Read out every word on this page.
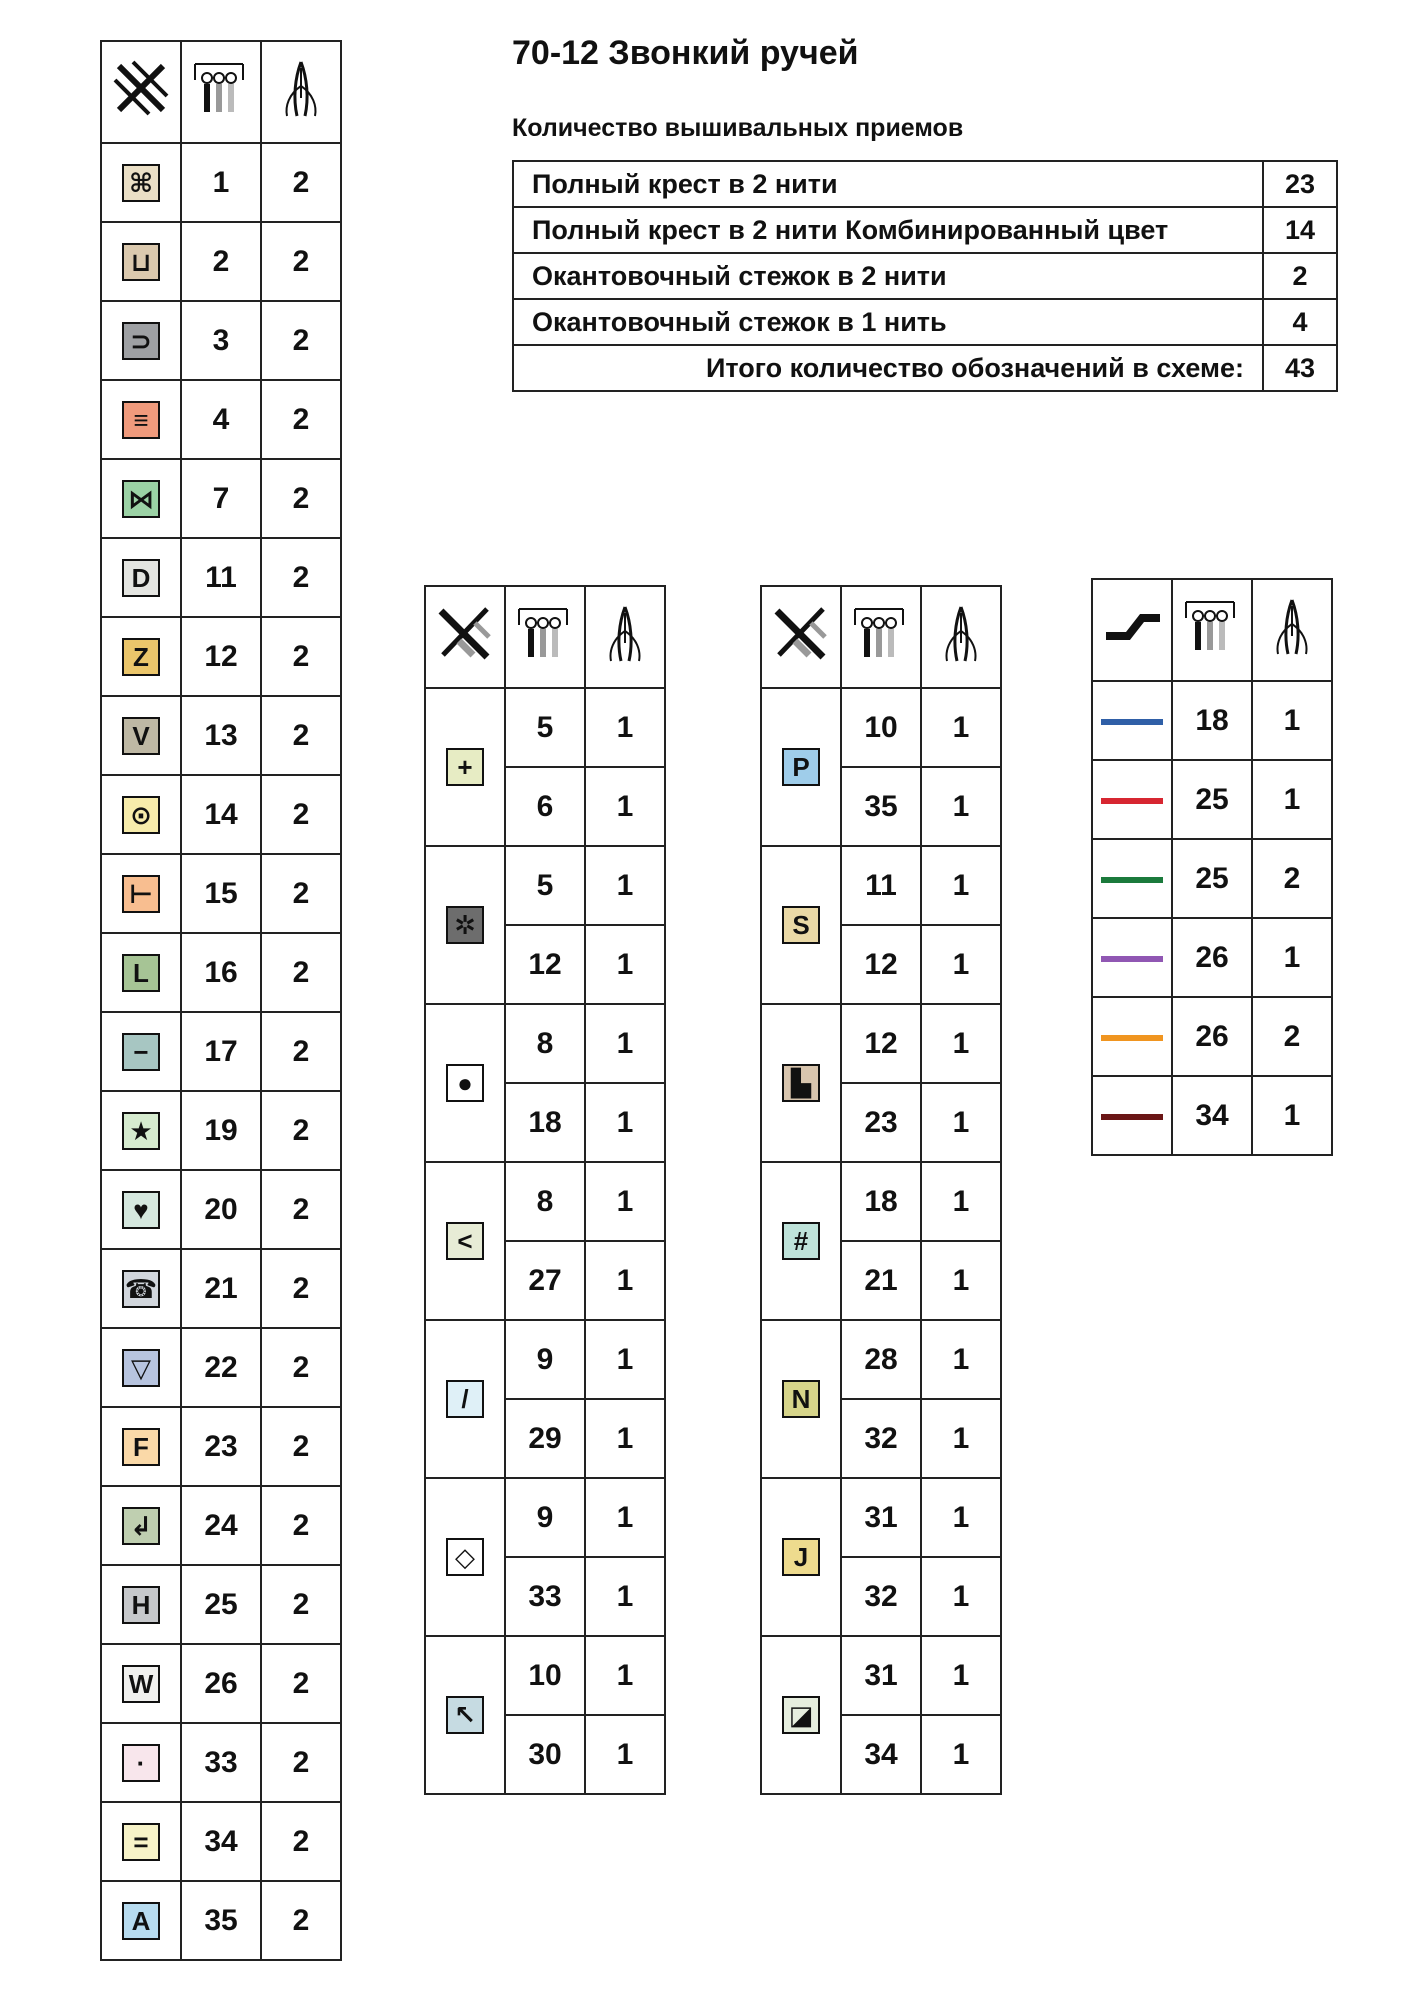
70-12 Звонкий ручей
Количество вышивальных приемов
Полный крест в 2 нити	23
Полный крест в 2 нити Комбинированный цвет	14
Окантовочный стежок в 2 нити	2
Окантовочный стежок в 1 нить	4
Итого количество обозначений в схеме:	43

⌘	1	2
⊔	2	2
⊃	3	2
≡	4	2
⋈	7	2
D	11	2
Z	12	2
V	13	2
⊙	14	2
⊢	15	2
L	16	2
−	17	2
★	19	2
♥	20	2
☎	21	2
▽	22	2
F	23	2
↲	24	2
H	25	2
W	26	2
·	33	2
=	34	2
A	35	2

+	5	1
	6	1
✲	5	1
	12	1
●	8	1
	18	1
<	8	1
	27	1
/	9	1
	29	1
◇	9	1
	33	1
↖	10	1
	30	1

P	10	1
	35	1
S	11	1
	12	1
▙	12	1
	23	1
#	18	1
	21	1
N	28	1
	32	1
J	31	1
	32	1
◪	31	1
	34	1

	18	1
	25	1
	25	2
	26	1
	26	2
	34	1
